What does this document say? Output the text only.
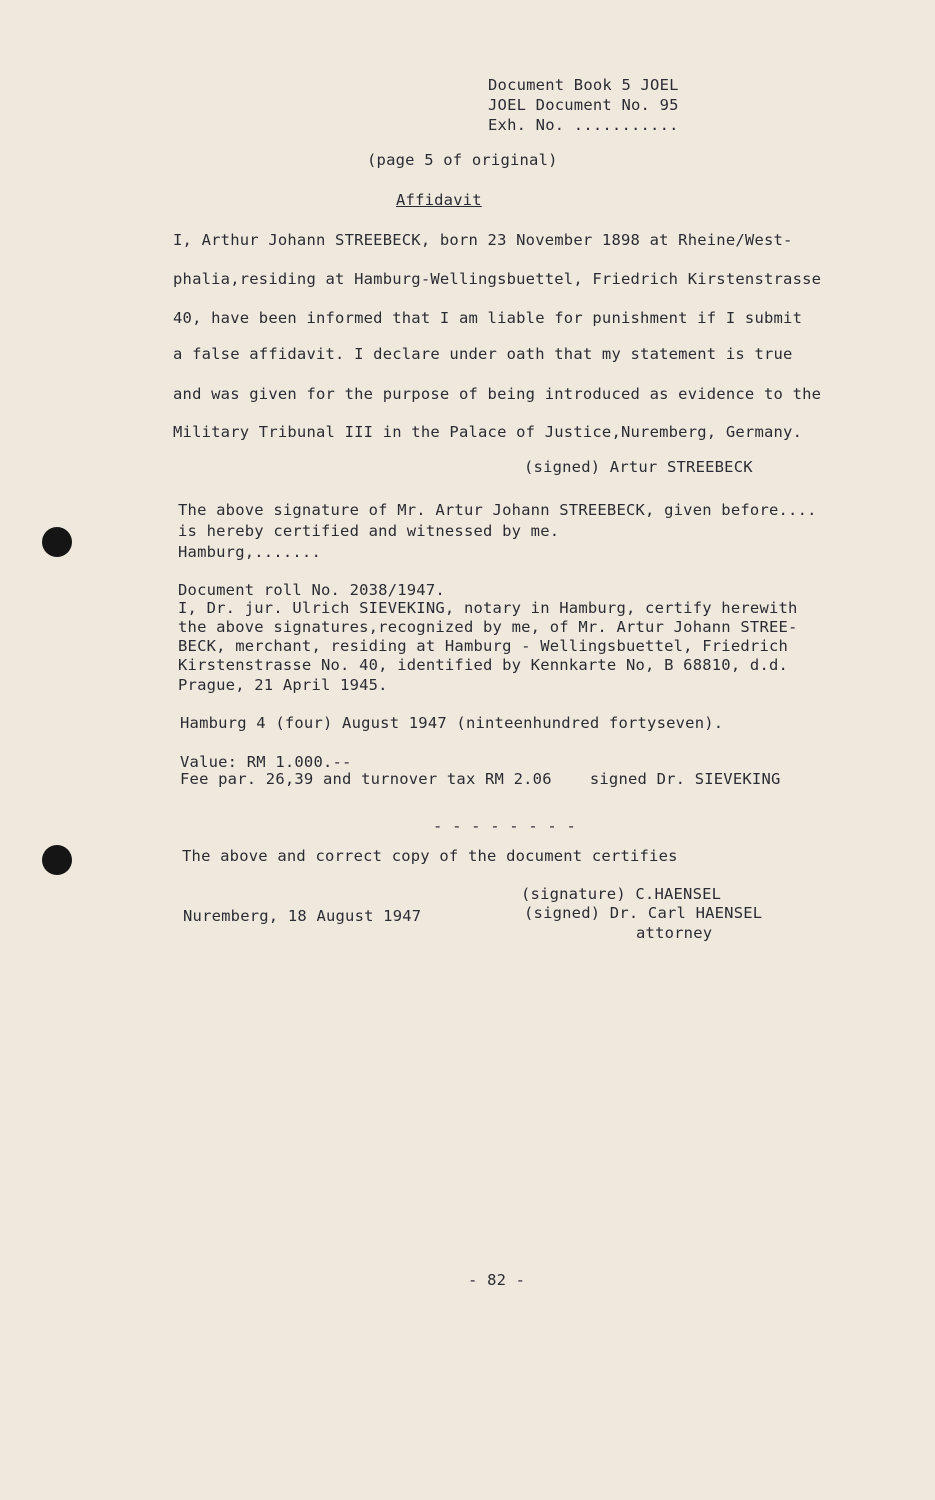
Document Book 5 JOEL
JOEL Document No. 95
Exh. No. ...........
(page 5 of original)
Affidavit
I, Arthur Johann STREEBECK, born 23 November 1898 at Rheine/West-
phalia,residing at Hamburg-Wellingsbuettel, Friedrich Kirstenstrasse
40, have been informed that I am liable for punishment if I submit
a false affidavit. I declare under oath that my statement is true
and was given for the purpose of being introduced as evidence to the
Military Tribunal III in the Palace of Justice,Nuremberg, Germany.
(signed) Artur STREEBECK
The above signature of Mr. Artur Johann STREEBECK, given before....
is hereby certified and witnessed by me.
Hamburg,.......
Document roll No. 2038/1947.
I, Dr. jur. Ulrich SIEVEKING, notary in Hamburg, certify herewith
the above signatures,recognized by me, of Mr. Artur Johann STREE-
BECK, merchant, residing at Hamburg - Wellingsbuettel, Friedrich
Kirstenstrasse No. 40, identified by Kennkarte No, B 68810, d.d.
Prague, 21 April 1945.
Hamburg 4 (four) August 1947 (ninteenhundred fortyseven).
Value: RM 1.000.--
Fee par. 26,39 and turnover tax RM 2.06    signed Dr. SIEVEKING
- - - - - - - -
The above and correct copy of the document certifies
(signature) C.HAENSEL
Nuremberg, 18 August 1947	(signed) Dr. Carl HAENSEL
attorney
- 82 -
